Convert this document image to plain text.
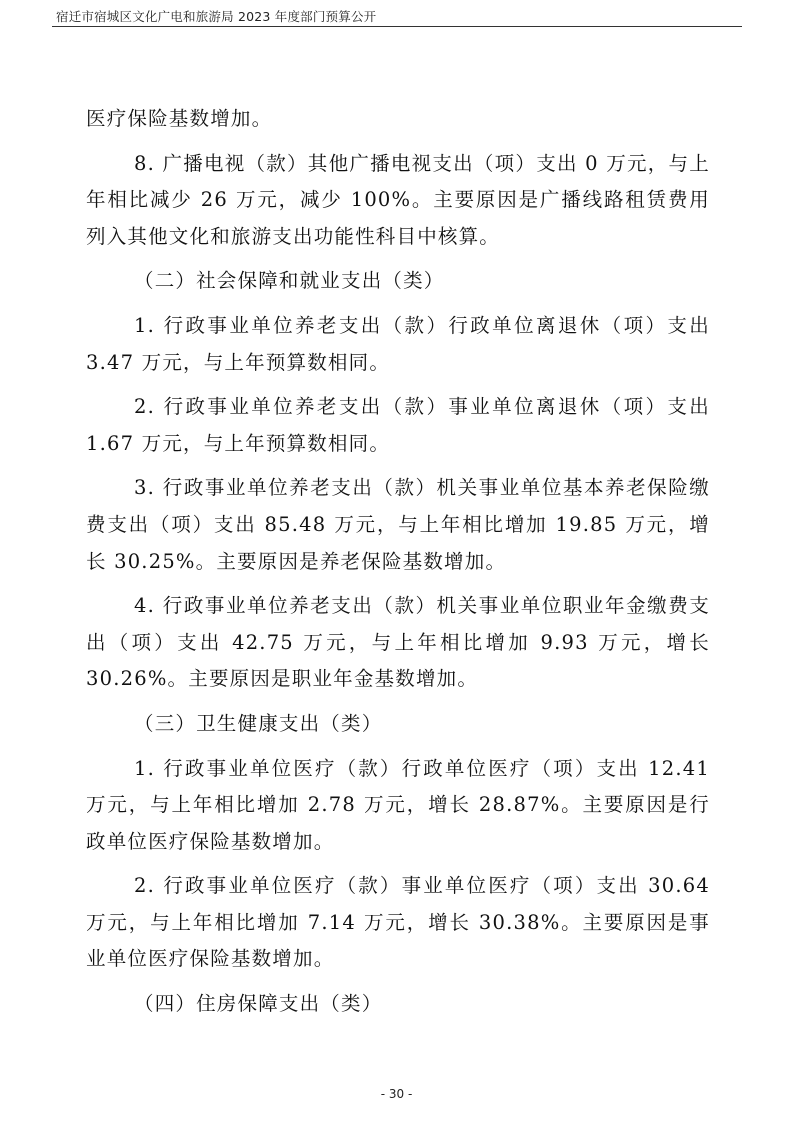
宿迁市宿城区文化广电和旅游局 2023 年度部门预算公开

医疗保险基数增加。

8. 广播电视（款）其他广播电视支出（项）支出 0 万元，与上年相比减少 26 万元，减少 100%。主要原因是广播线路租赁费用列入其他文化和旅游支出功能性科目中核算。

（二）社会保障和就业支出（类）

1. 行政事业单位养老支出（款）行政单位离退休（项）支出 3.47 万元，与上年预算数相同。

2. 行政事业单位养老支出（款）事业单位离退休（项）支出 1.67 万元，与上年预算数相同。

3. 行政事业单位养老支出（款）机关事业单位基本养老保险缴费支出（项）支出 85.48 万元，与上年相比增加 19.85 万元，增长 30.25%。主要原因是养老保险基数增加。

4. 行政事业单位养老支出（款）机关事业单位职业年金缴费支出（项）支出 42.75 万元，与上年相比增加 9.93 万元，增长 30.26%。主要原因是职业年金基数增加。

（三）卫生健康支出（类）

1. 行政事业单位医疗（款）行政单位医疗（项）支出 12.41 万元，与上年相比增加 2.78 万元，增长 28.87%。主要原因是行政单位医疗保险基数增加。

2. 行政事业单位医疗（款）事业单位医疗（项）支出 30.64 万元，与上年相比增加 7.14 万元，增长 30.38%。主要原因是事业单位医疗保险基数增加。

（四）住房保障支出（类）

- 30 -
